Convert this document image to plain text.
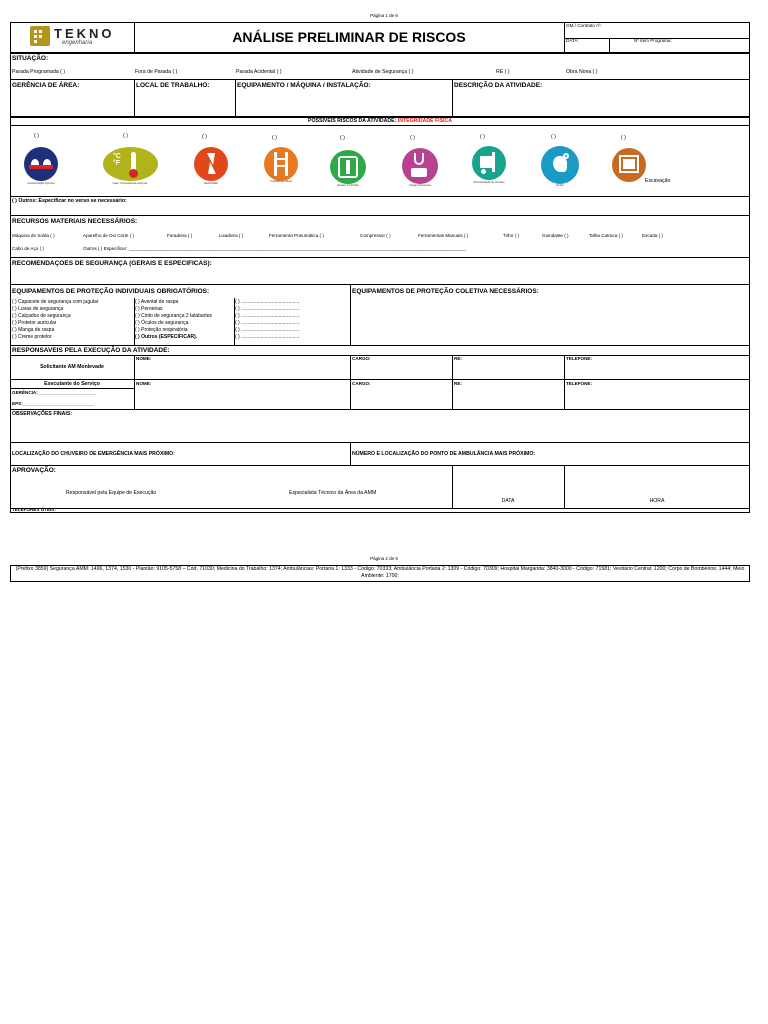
Página 1 de 6
TEKNO
engenharia	ANÁLISE PRELIMINAR DE RISCOS
OM / Contrato nº:
DATA:	Nº item Programa:
SITUAÇÃO:
Parada Programada ( )	Fora de Parada ( )	Parada Acidental ( )	Atividade de Segurança ( )	RE ( )	Obra Nova ( )
GERÊNCIA DE ÁREA:	LOCAL DE TRABALHO:	EQUIPAMENTO / MÁQUINA / INSTALAÇÃO:	DESCRIÇÃO DA ATIVIDADE:
POSSÍVEIS RISCOS DA ATIVIDADE: INTEGRIDADE FÍSICA
( )	( )	( )	( )	( )	( )	( )	( )	( )
Contaminação Química
°C
°F
Calor, Temperaturas extremas	Eletricidade
Trabalho em altura
Espaço Confinado	Cargas Suspensas
Movimentação de Veículos
Ruído
Escavação
( ) Outros: Especificar no verso se necessário:
RECURSOS MATERIAIS NECESSÁRIOS:
Máquina de Solda ( )	Aparelho de Oxi Corte ( )	Furadeira ( )	Lixadeira ( )	Ferramenta Pneumática ( )	Compressor ( )	Ferramentas Manuais ( )	Tirfor ( )	Guindaste ( )	Talha Catraca ( )	Escada ( )
Cabo de Aço ( )	Outros ( ) Especificar: ____________________________________________________________________________________________________________________________________
RECOMENDAÇOES DE SEGURANÇA (GERAIS E ESPECIFICAS):
EQUIPAMENTOS DE PROTEÇÃO INDIVIDUAIS OBRIGATÓRIOS:	EQUIPAMENTOS DE PROTEÇÃO COLETIVA NECESSÁRIOS:
( ) Capacete de segurança com jugular
( ) Luvas de segurança
( ) Calçados de segurança
( ) Protetor auricular
( ) Manga de raspa
( ) Creme protetor
( ) Avental de raspa
( ) Perneiras
( ) Cinto de segurança 2 talabartes
( ) Óculos de segurança
( ) Proteção respiratória
( ) Outros (ESPECIFICAR).
( ) ..........................................
( ) ..........................................
( ) ..........................................
( ) ..........................................
( ) ..........................................
( ) ..........................................
RESPONSAVEIS PELA EXECUÇÃO DA ATIVIDADE:
Solicitante AM Monlevade
NOME:	CARGO:	RE:	TELEFONE:
Executante do Serviço	NOME:	CARGO:	RE:	TELEFONE:
GERÊNCIA:_______________________
EPS:____________________________
OBSERVAÇÕES FINAIS:
LOCALIZAÇÃO DO CHUVEIRO DE EMERGÊNCIA MAIS PRÓXIMO:	NÚMERO E LOCALIZAÇÃO DO PONTO DE AMBULÂNCIA MAIS PRÓXIMO:
APROVAÇÃO:
Responsável pela Equipe de Execução	Especialista Técnico da Área da AMM
DATA	HORA
TELEFONES ÚTEIS:
Página 2 de 6
(Prefixo 3859) Segurança AMM: 1496, 1374, 1530 - Plantão: 9105-5758 – Cód. 71030; Medicina do Trabalho: 1374; Ambulâncias: Portaria 1: 1333 - Código: 70333; Ambulância Portaria 2: 1309 - Código: 70309; Hospital Margarida: 3840-3000 - Código: 71581; Vestiário Central: 1200; Corpo de Bombeiros: 1444; Meio Ambiente: 1700;
